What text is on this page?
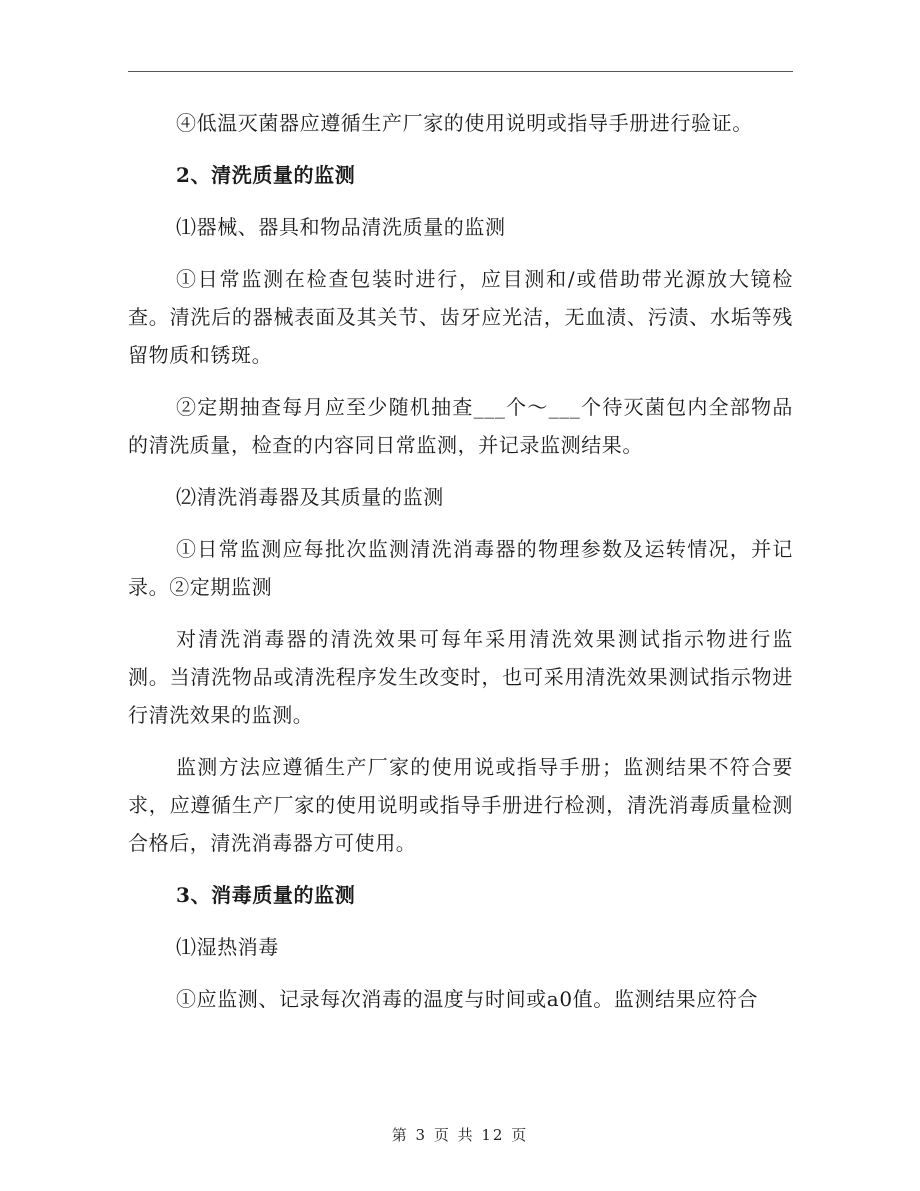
④低温灭菌器应遵循生产厂家的使用说明或指导手册进行验证。

2、清洗质量的监测

⑴器械、器具和物品清洗质量的监测

①日常监测在检查包装时进行，应目测和/或借助带光源放大镜检查。清洗后的器械表面及其关节、齿牙应光洁，无血渍、污渍、水垢等残留物质和锈斑。

②定期抽查每月应至少随机抽查___个～___个待灭菌包内全部物品的清洗质量，检查的内容同日常监测，并记录监测结果。

⑵清洗消毒器及其质量的监测

①日常监测应每批次监测清洗消毒器的物理参数及运转情况，并记录。②定期监测

对清洗消毒器的清洗效果可每年采用清洗效果测试指示物进行监测。当清洗物品或清洗程序发生改变时，也可采用清洗效果测试指示物进行清洗效果的监测。

监测方法应遵循生产厂家的使用说或指导手册；监测结果不符合要求，应遵循生产厂家的使用说明或指导手册进行检测，清洗消毒质量检测合格后，清洗消毒器方可使用。

3、消毒质量的监测

⑴湿热消毒

①应监测、记录每次消毒的温度与时间或a0值。监测结果应符合

第 3 页 共 12 页
